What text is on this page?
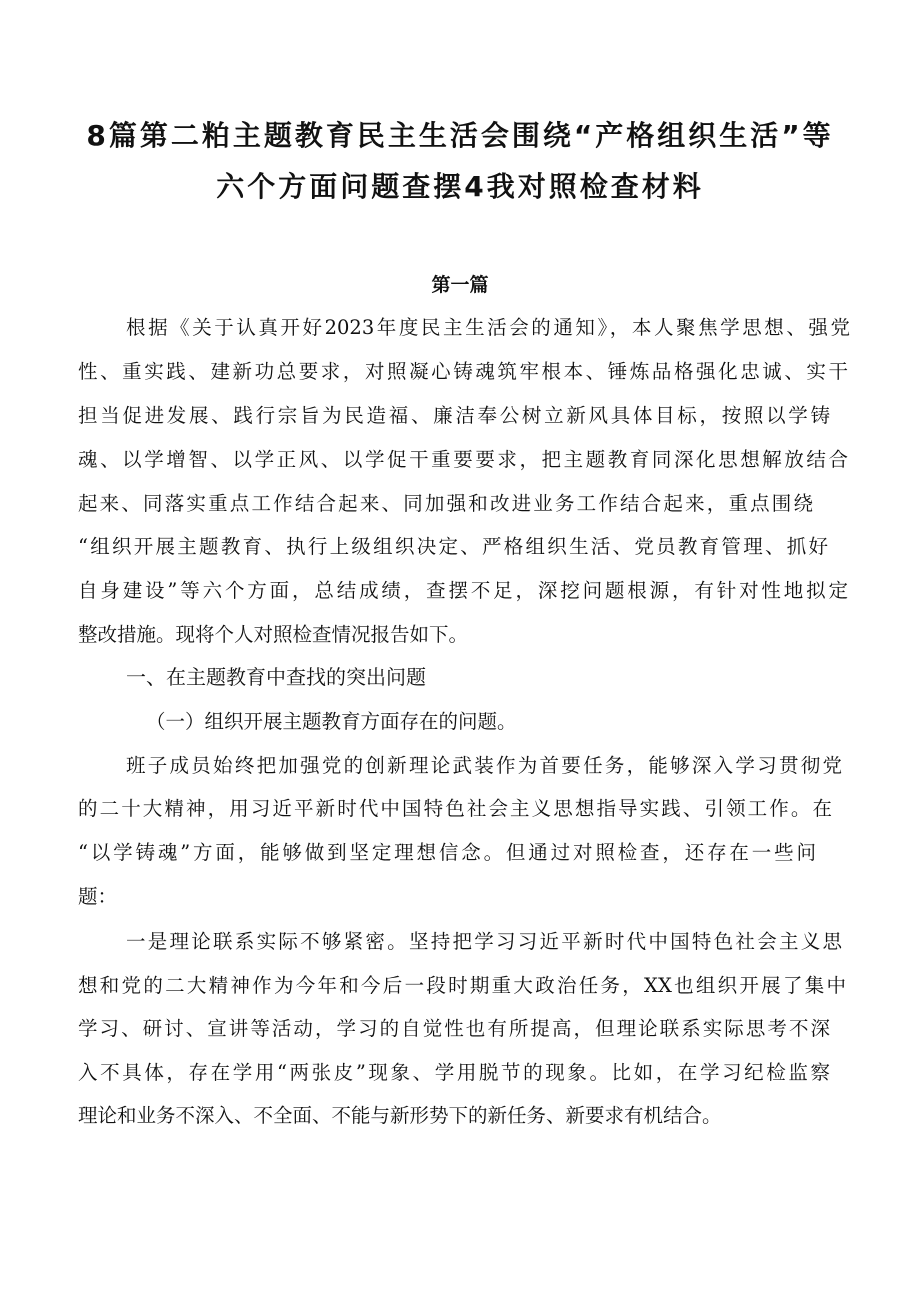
8篇第二粕主题教育民主生活会围绕“产格组织生活”等
六个方面问题查摆4我对照检查材料
第一篇
根据《关于认真开好2023年度民主生活会的通知》，本人聚焦学思想、强党
性、重实践、建新功总要求，对照凝心铸魂筑牢根本、锤炼品格强化忠诚、实干
担当促进发展、践行宗旨为民造福、廉洁奉公树立新风具体目标，按照以学铸
魂、以学增智、以学正风、以学促干重要要求，把主题教育同深化思想解放结合
起来、同落实重点工作结合起来、同加强和改进业务工作结合起来，重点围绕
“组织开展主题教育、执行上级组织决定、严格组织生活、党员教育管理、抓好
自身建设”等六个方面，总结成绩，查摆不足，深挖问题根源，有针对性地拟定
整改措施。现将个人对照检查情况报告如下。
一、在主题教育中查找的突出问题
（一）组织开展主题教育方面存在的问题。
班子成员始终把加强党的创新理论武装作为首要任务，能够深入学习贯彻党
的二十大精神，用习近平新时代中国特色社会主义思想指导实践、引领工作。在
“以学铸魂”方面，能够做到坚定理想信念。但通过对照检查，还存在一些问
题：
一是理论联系实际不够紧密。坚持把学习习近平新时代中国特色社会主义思
想和党的二大精神作为今年和今后一段时期重大政治任务，XX也组织开展了集中
学习、研讨、宣讲等活动，学习的自觉性也有所提高，但理论联系实际思考不深
入不具体，存在学用“两张皮”现象、学用脱节的现象。比如，在学习纪检监察
理论和业务不深入、不全面、不能与新形势下的新任务、新要求有机结合。
